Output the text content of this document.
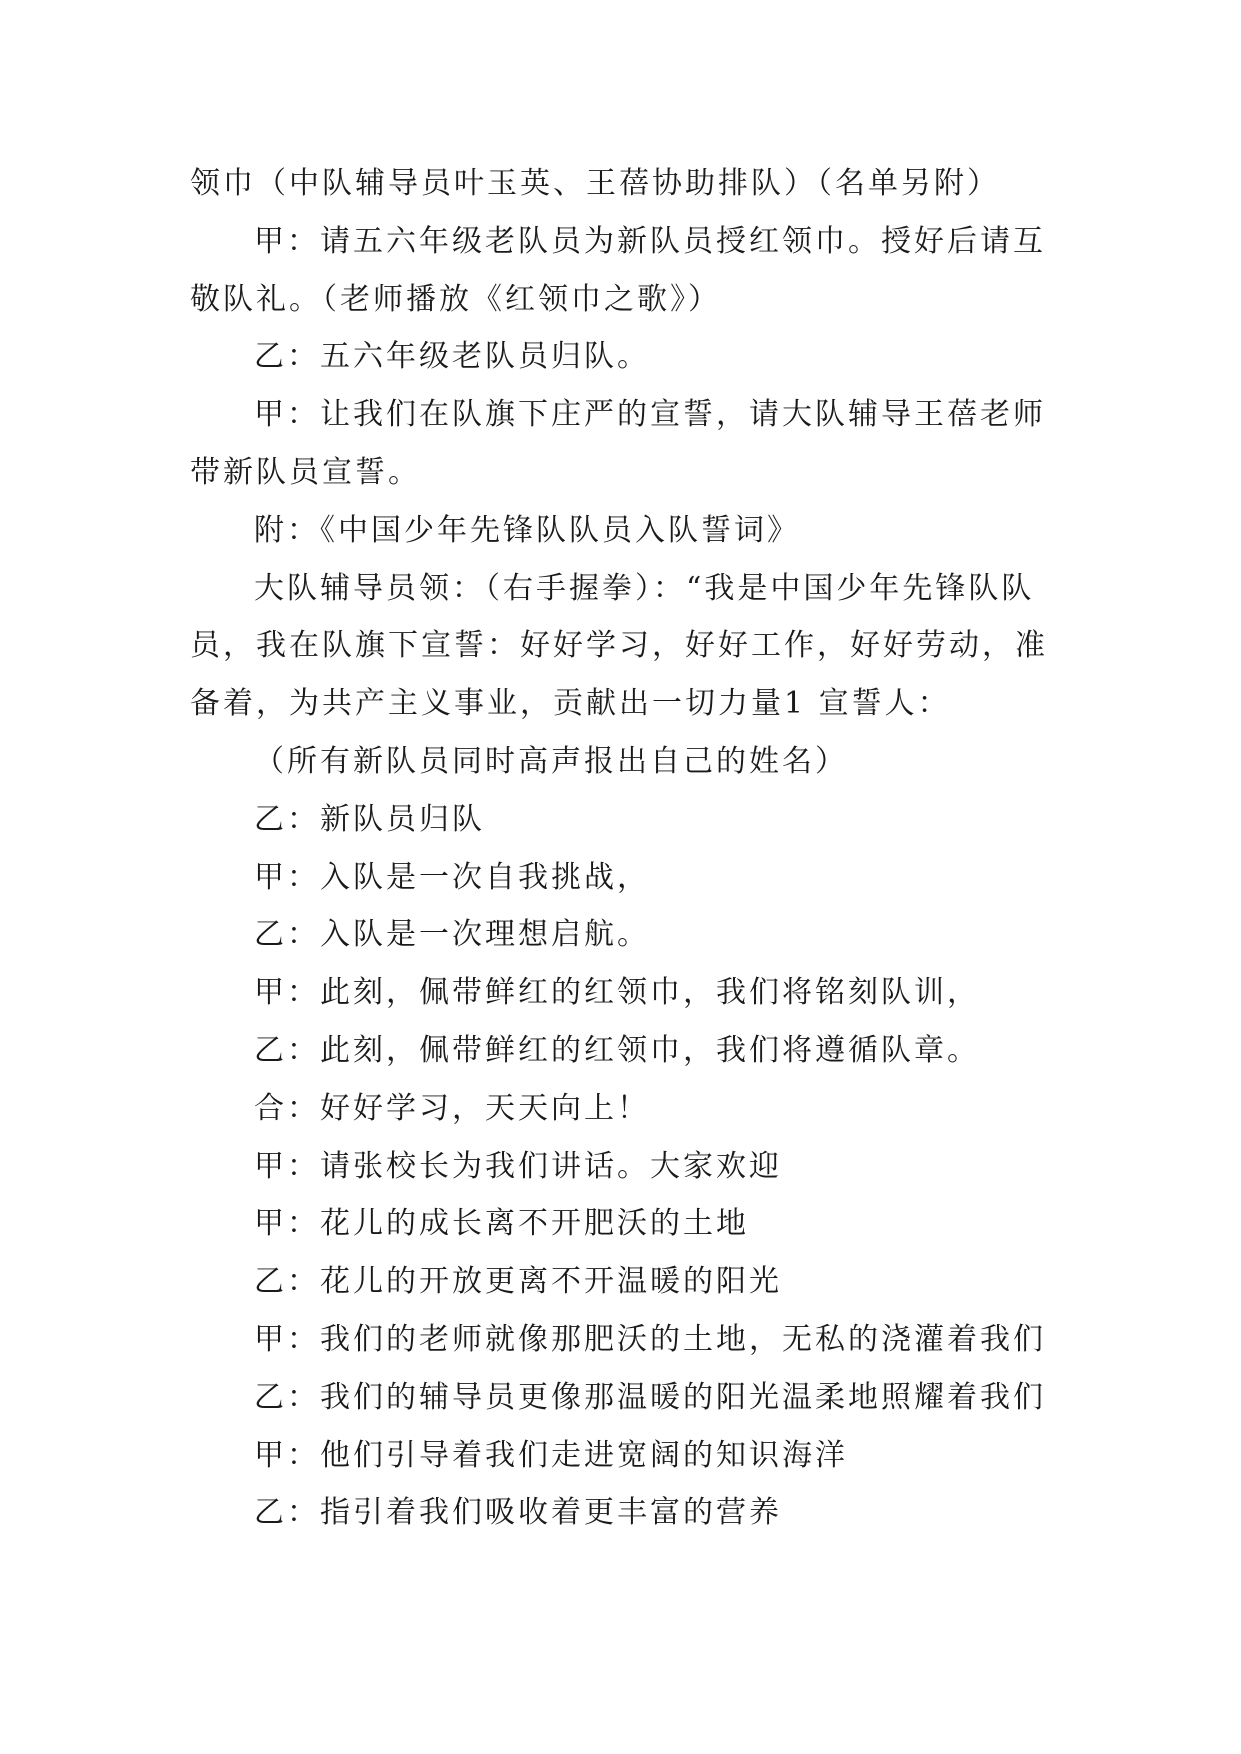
领巾（中队辅导员叶玉英、王蓓协助排队）（名单另附）

甲：请五六年级老队员为新队员授红领巾。授好后请互敬队礼。（老师播放《红领巾之歌》）

乙：五六年级老队员归队。

甲：让我们在队旗下庄严的宣誓，请大队辅导王蓓老师带新队员宣誓。

附：《中国少年先锋队队员入队誓词》

大队辅导员领：（右手握拳）：“我是中国少年先锋队队员，我在队旗下宣誓：好好学习，好好工作，好好劳动，准备着，为共产主义事业，贡献出一切力量1 宣誓人：

（所有新队员同时高声报出自己的姓名）

乙：新队员归队

甲：入队是一次自我挑战，

乙：入队是一次理想启航。

甲：此刻，佩带鲜红的红领巾，我们将铭刻队训，

乙：此刻，佩带鲜红的红领巾，我们将遵循队章。

合：好好学习，天天向上！

甲：请张校长为我们讲话。大家欢迎

甲：花儿的成长离不开肥沃的土地

乙：花儿的开放更离不开温暖的阳光

甲：我们的老师就像那肥沃的土地，无私的浇灌着我们

乙：我们的辅导员更像那温暖的阳光温柔地照耀着我们

甲：他们引导着我们走进宽阔的知识海洋

乙：指引着我们吸收着更丰富的营养
